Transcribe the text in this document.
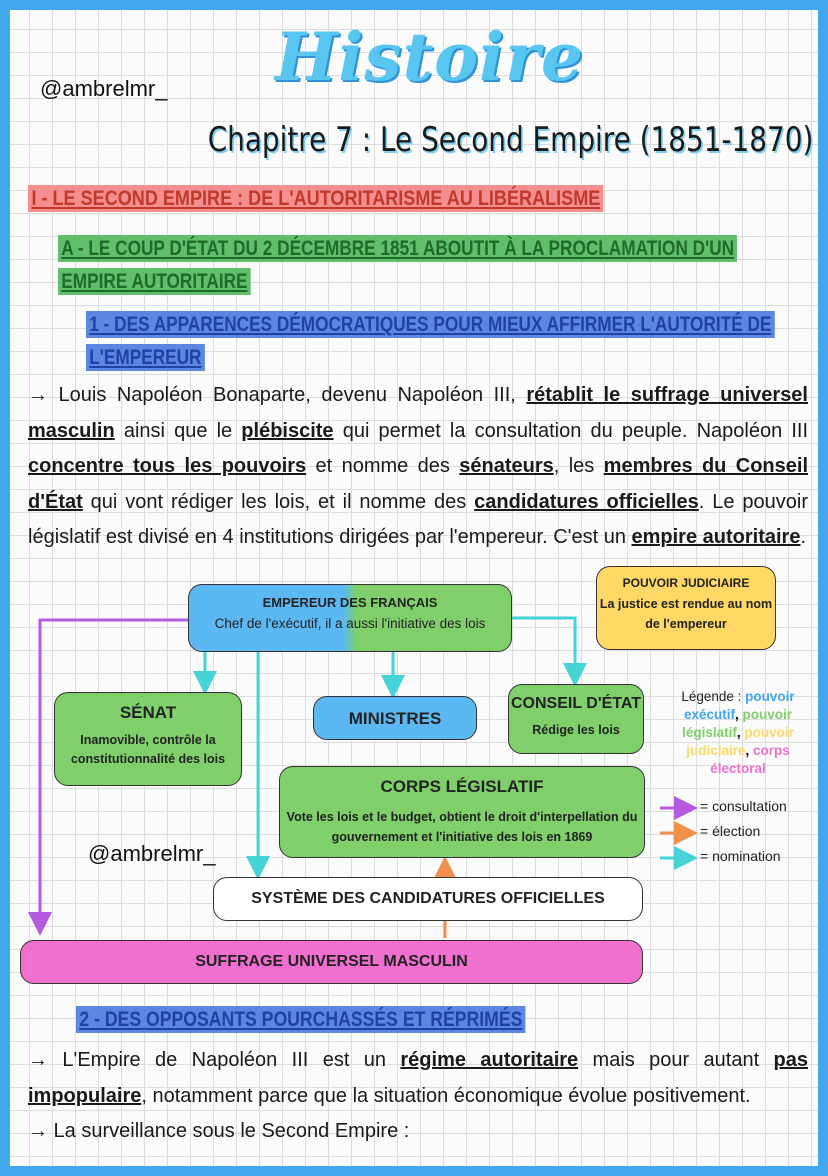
@ambrelmr_ Histoire
Chapitre 7 : Le Second Empire (1851-1870)
I - LE SECOND EMPIRE : DE L'AUTORITARISME AU LIBÉRALISME
A - LE COUP D'ÉTAT DU 2 DÉCEMBRE 1851 ABOUTIT À LA PROCLAMATION D'UN EMPIRE AUTORITAIRE
1 - DES APPARENCES DÉMOCRATIQUES POUR MIEUX AFFIRMER L'AUTORITÉ DE L'EMPEREUR
→ Louis Napoléon Bonaparte, devenu Napoléon III, rétablit le suffrage universel masculin ainsi que le plébiscite qui permet la consultation du peuple. Napoléon III concentre tous les pouvoirs et nomme des sénateurs, les membres du Conseil d'État qui vont rédiger les lois, et il nomme des candidatures officielles. Le pouvoir législatif est divisé en 4 institutions dirigées par l'empereur. C'est un empire autoritaire.
EMPEREUR DES FRANÇAIS
Chef de l'exécutif, il a aussi l'initiative des lois
POUVOIR JUDICIAIRE
La justice est rendue au nom de l'empereur
SÉNAT
Inamovible, contrôle la constitutionnalité des lois
MINISTRES
CONSEIL D'ÉTAT
Rédige les lois
CORPS LÉGISLATIF
Vote les lois et le budget, obtient le droit d'interpellation du gouvernement et l'initiative des lois en 1869
@ambrelmr_
SYSTÈME DES CANDIDATURES OFFICIELLES
SUFFRAGE UNIVERSEL MASCULIN
Légende : pouvoir exécutif, pouvoir législatif, pouvoir judiciaire, corps électoral
= consultation
= élection
= nomination
2 - DES OPPOSANTS POURCHASSÉS ET RÉPRIMÉS
→ L'Empire de Napoléon III est un régime autoritaire mais pour autant pas impopulaire, notamment parce que la situation économique évolue positivement.
→ La surveillance sous le Second Empire :
